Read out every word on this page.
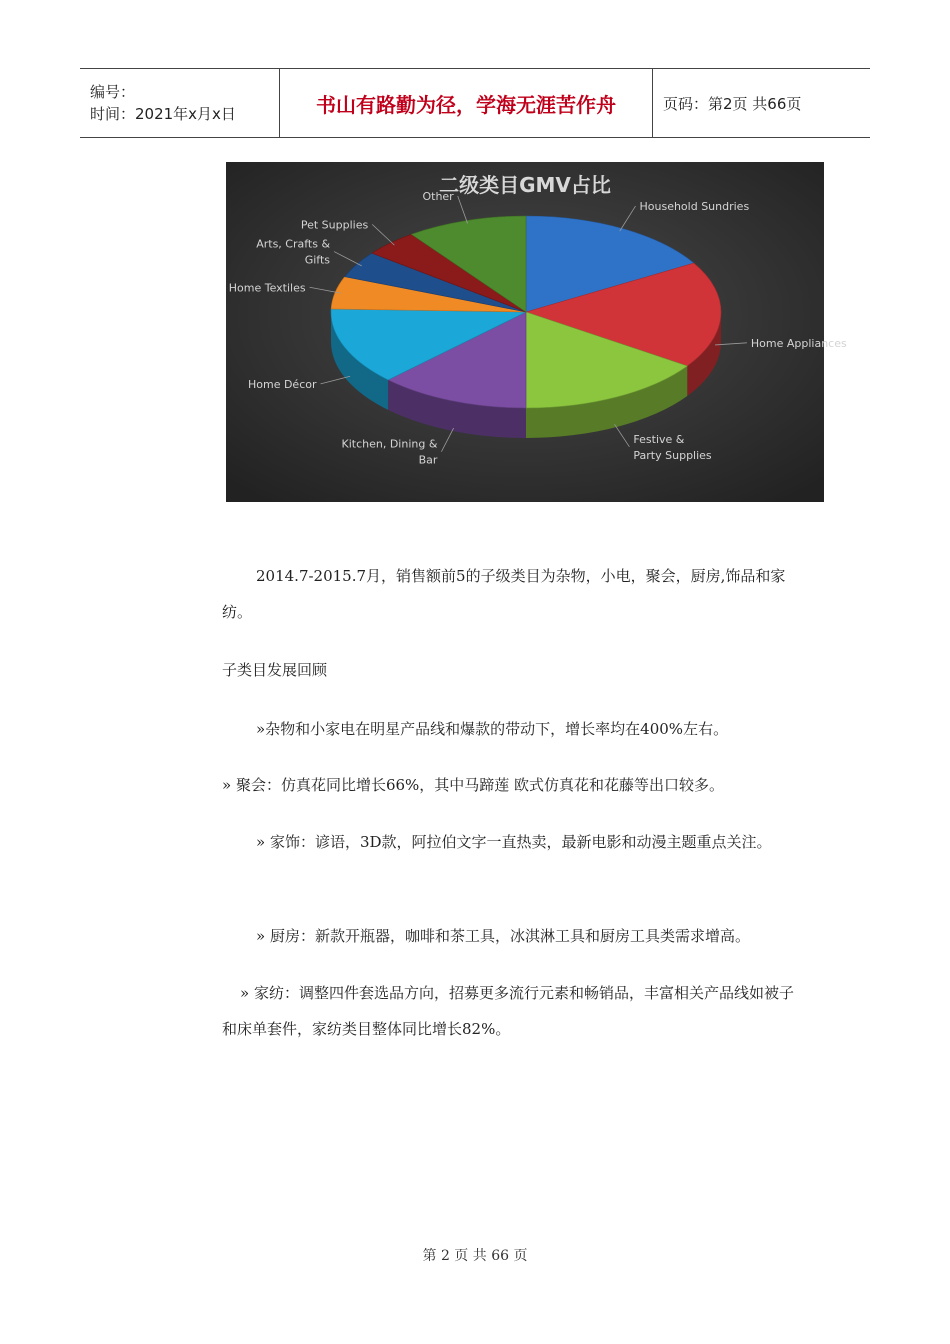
编号：
时间：2021年x月x日	书山有路勤为径，学海无涯苦作舟	页码：第2页 共66页
二级类目GMV占比
Household Sundries
Home Appliances
Festive & Party Supplies
Kitchen, Dining & Bar
Home Décor
Home Textiles
Arts, Crafts & Gifts
Pet Supplies
Other

2014.7-2015.7月，销售额前5的子级类目为杂物，小电，聚会，厨房,饰品和家纺。

子类目发展回顾

»杂物和小家电在明星产品线和爆款的带动下，增长率均在400%左右。

» 聚会：仿真花同比增长66%，其中马蹄莲 欧式仿真花和花藤等出口较多。

» 家饰：谚语，3D款，阿拉伯文字一直热卖，最新电影和动漫主题重点关注。

» 厨房：新款开瓶器，咖啡和茶工具，冰淇淋工具和厨房工具类需求增高。

» 家纺：调整四件套选品方向，招募更多流行元素和畅销品，丰富相关产品线如被子和床单套件，家纺类目整体同比增长82%。

第 2 页 共 66 页
